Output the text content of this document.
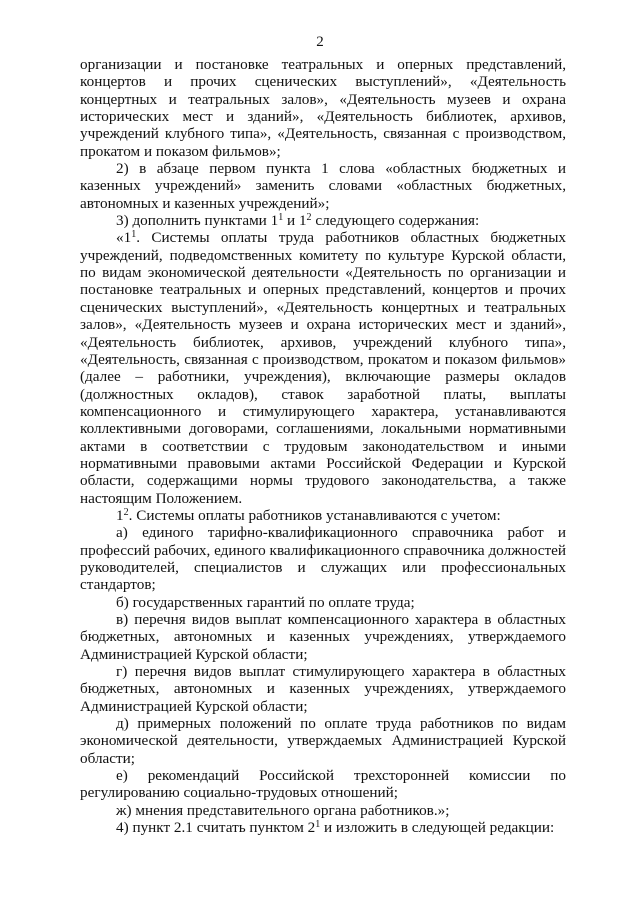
2

организации и постановке театральных и оперных представлений, концертов и прочих сценических выступлений», «Деятельность концертных и театральных залов», «Деятельность музеев и охрана исторических мест и зданий», «Деятельность библиотек, архивов, учреждений клубного типа», «Деятельность, связанная с производством, прокатом и показом фильмов»;

2) в абзаце первом пункта 1 слова «областных бюджетных и казенных учреждений» заменить словами «областных бюджетных, автономных и казенных учреждений»;

3) дополнить пунктами $1^1$ и $1^2$ следующего содержания:

«$1^1$. Системы оплаты труда работников областных бюджетных учреждений, подведомственных комитету по культуре Курской области, по видам экономической деятельности «Деятельность по организации и постановке театральных и оперных представлений, концертов и прочих сценических выступлений», «Деятельность концертных и театральных залов», «Деятельность музеев и охрана исторических мест и зданий», «Деятельность библиотек, архивов, учреждений клубного типа», «Деятельность, связанная с производством, прокатом и показом фильмов» (далее – работники, учреждения), включающие размеры окладов (должностных окладов), ставок заработной платы, выплаты компенсационного и стимулирующего характера, устанавливаются коллективными договорами, соглашениями, локальными нормативными актами в соответствии с трудовым законодательством и иными нормативными правовыми актами Российской Федерации и Курской области, содержащими нормы трудового законодательства, а также настоящим Положением.

$1^2$. Системы оплаты работников устанавливаются с учетом:

а) единого тарифно-квалификационного справочника работ и профессий рабочих, единого квалификационного справочника должностей руководителей, специалистов и служащих или профессиональных стандартов;

б) государственных гарантий по оплате труда;

в) перечня видов выплат компенсационного характера в областных бюджетных, автономных и казенных учреждениях, утверждаемого Администрацией Курской области;

г) перечня видов выплат стимулирующего характера в областных бюджетных, автономных и казенных учреждениях, утверждаемого Администрацией Курской области;

д) примерных положений по оплате труда работников по видам экономической деятельности, утверждаемых Администрацией Курской области;

е) рекомендаций Российской трехсторонней комиссии по регулированию социально-трудовых отношений;

ж) мнения представительного органа работников.»;

4) пункт 2.1 считать пунктом $2^1$ и изложить в следующей редакции:
